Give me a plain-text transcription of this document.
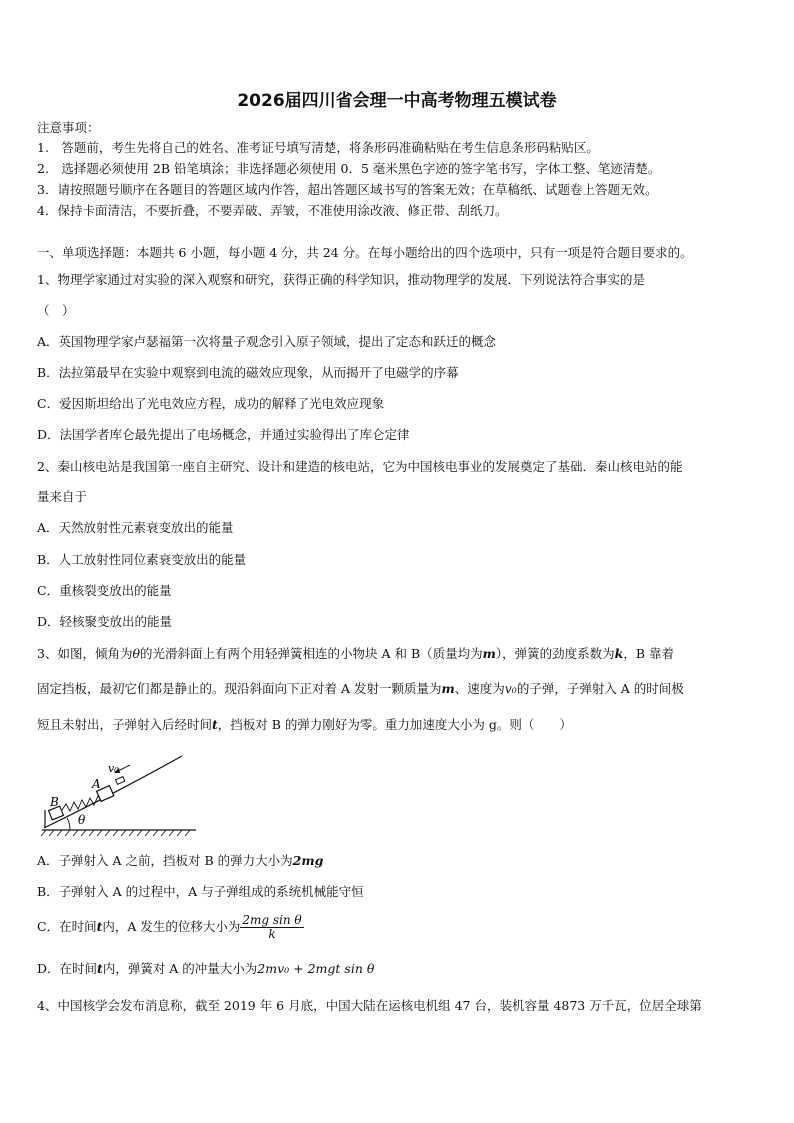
2026届四川省会理一中高考物理五模试卷
注意事项：
1.　答题前，考生先将自己的姓名、准考证号填写清楚，将条形码准确粘贴在考生信息条形码粘贴区。
2.　选择题必须使用 2B 铅笔填涂；非选择题必须使用 0．5 毫米黑色字迹的签字笔书写，字体工整、笔迹清楚。
3．请按照题号顺序在各题目的答题区域内作答，超出答题区域书写的答案无效；在草稿纸、试题卷上答题无效。
4．保持卡面清洁，不要折叠，不要弄破、弄皱，不准使用涂改液、修正带、刮纸刀。
一、单项选择题：本题共 6 小题，每小题 4 分，共 24 分。在每小题给出的四个选项中，只有一项是符合题目要求的。
1、物理学家通过对实验的深入观察和研究，获得正确的科学知识，推动物理学的发展．下列说法符合事实的是
（　）
A．英国物理学家卢瑟福第一次将量子观念引入原子领域，提出了定态和跃迁的概念
B．法拉第最早在实验中观察到电流的磁效应现象，从而揭开了电磁学的序幕
C．爱因斯坦给出了光电效应方程，成功的解释了光电效应现象
D．法国学者库仑最先提出了电场概念，并通过实验得出了库仑定律
2、秦山核电站是我国第一座自主研究、设计和建造的核电站，它为中国核电事业的发展奠定了基础．秦山核电站的能
量来自于
A．天然放射性元素衰变放出的能量
B．人工放射性同位素衰变放出的能量
C．重核裂变放出的能量
D．轻核聚变放出的能量
3、如图，倾角为θ的光滑斜面上有两个用轻弹簧相连的小物块 A 和 B（质量均为m），弹簧的劲度系数为k，B 靠着
固定挡板，最初它们都是静止的。现沿斜面向下正对着 A 发射一颗质量为m、速度为v₀的子弹，子弹射入 A 的时间极
短且未射出，子弹射入后经时间t，挡板对 B 的弹力刚好为零。重力加速度大小为 g。则（　　）
v₀
A
B
θ
A．子弹射入 A 之前，挡板对 B 的弹力大小为2mg
B．子弹射入 A 的过程中，A 与子弹组成的系统机械能守恒
C．在时间t内，A 发生的位移大小为 $\frac{\text{2mg sin θ}}{k}$
D．在时间t内，弹簧对 A 的冲量大小为2mv₀ + 2mgt sin θ
4、中国核学会发布消息称，截至 2019 年 6 月底，中国大陆在运核电机组 47 台，装机容量 4873 万千瓦，位居全球第
